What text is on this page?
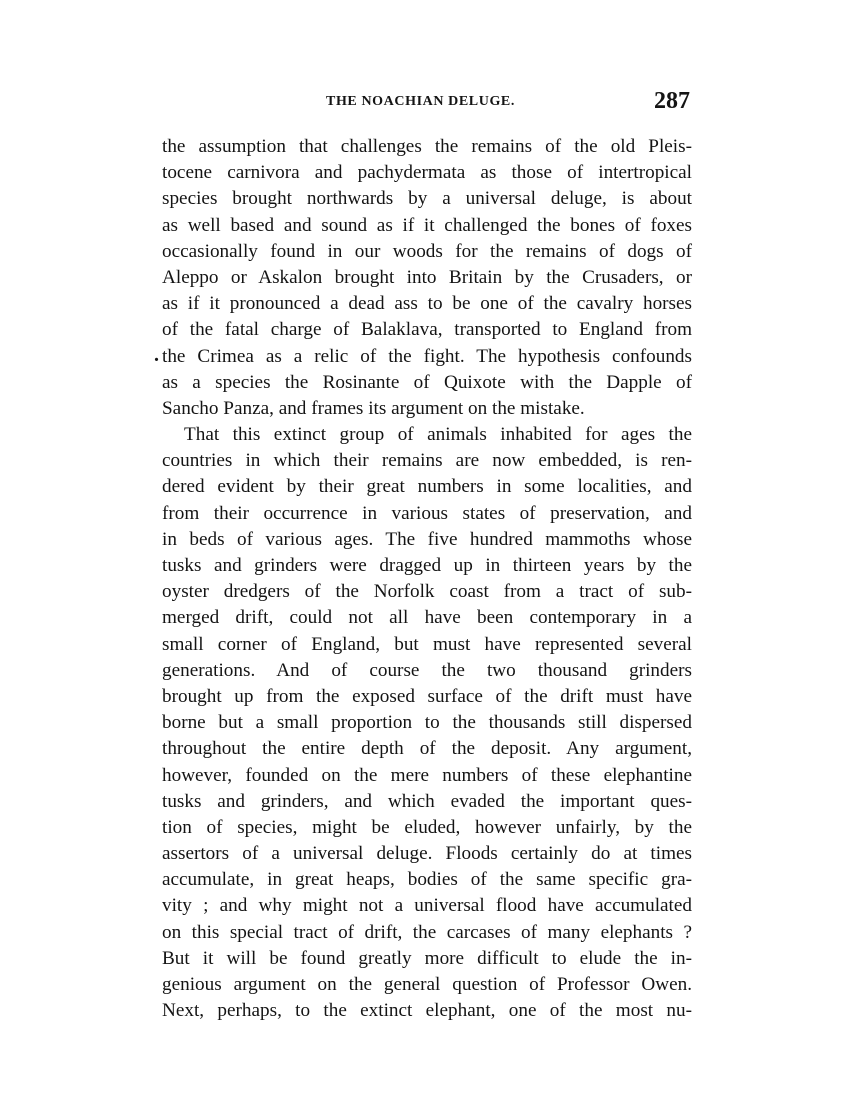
THE NOACHIAN DELUGE.	287
.
the assumption that challenges the remains of the old Pleis-
tocene carnivora and pachydermata as those of intertropical
species brought northwards by a universal deluge, is about
as well based and sound as if it challenged the bones of foxes
occasionally found in our woods for the remains of dogs of
Aleppo or Askalon brought into Britain by the Crusaders, or
as if it pronounced a dead ass to be one of the cavalry horses
of the fatal charge of Balaklava, transported to England from
the Crimea as a relic of the fight. The hypothesis confounds
as a species the Rosinante of Quixote with the Dapple of
Sancho Panza, and frames its argument on the mistake.
That this extinct group of animals inhabited for ages the
countries in which their remains are now embedded, is ren-
dered evident by their great numbers in some localities, and
from their occurrence in various states of preservation, and
in beds of various ages. The five hundred mammoths whose
tusks and grinders were dragged up in thirteen years by the
oyster dredgers of the Norfolk coast from a tract of sub-
merged drift, could not all have been contemporary in a
small corner of England, but must have represented several
generations. And of course the two thousand grinders
brought up from the exposed surface of the drift must have
borne but a small proportion to the thousands still dispersed
throughout the entire depth of the deposit. Any argument,
however, founded on the mere numbers of these elephantine
tusks and grinders, and which evaded the important ques-
tion of species, might be eluded, however unfairly, by the
assertors of a universal deluge. Floods certainly do at times
accumulate, in great heaps, bodies of the same specific gra-
vity ; and why might not a universal flood have accumulated
on this special tract of drift, the carcases of many elephants ?
But it will be found greatly more difficult to elude the in-
genious argument on the general question of Professor Owen.
Next, perhaps, to the extinct elephant, one of the most nu-
